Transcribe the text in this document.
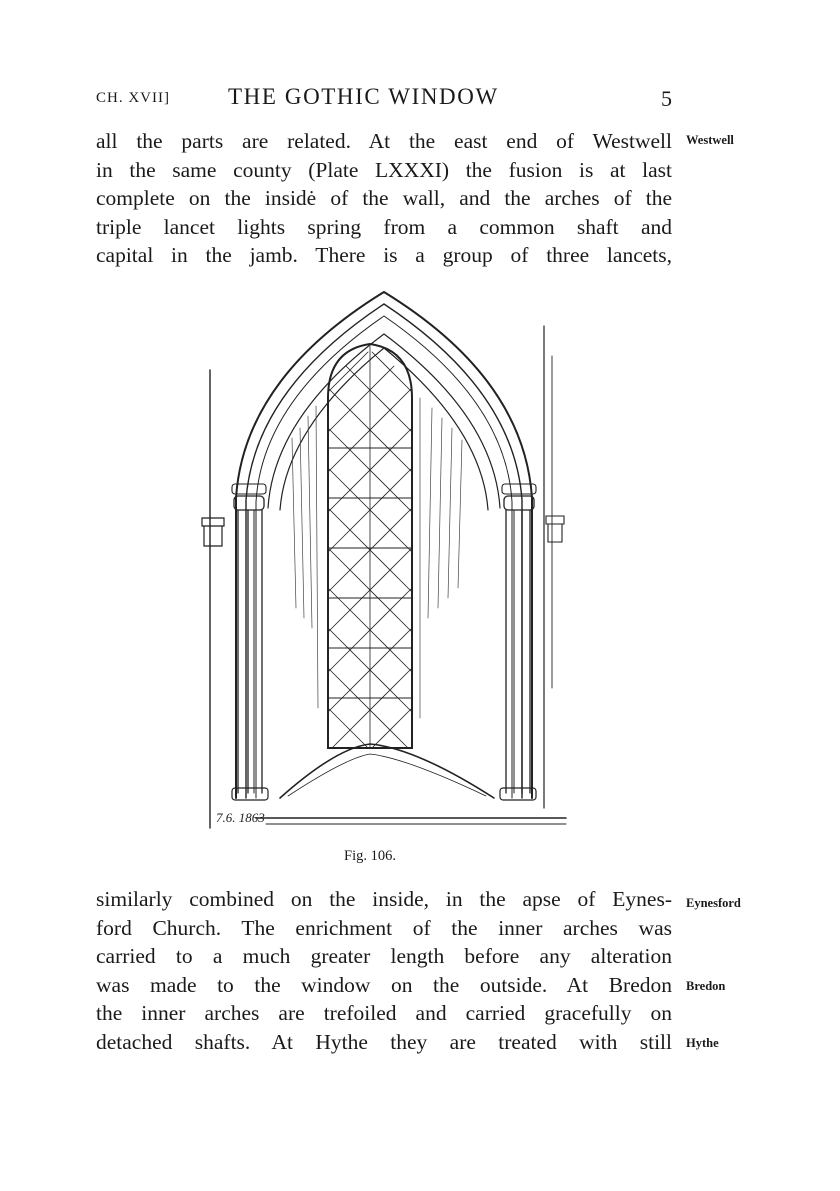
CH. XVII]	THE GOTHIC WINDOW	5
all the parts are related. At the east end of Westwell
in the same county (Plate LXXXI) the fusion is at last
complete on the insidė of the wall, and the arches of the
triple lancet lights spring from a common shaft and
capital in the jamb. There is a group of three lancets,
Westwell
7.6. 1863
Fig. 106.
similarly combined on the inside, in the apse of Eynes-
ford Church. The enrichment of the inner arches was
carried to a much greater length before any alteration
was made to the window on the outside. At Bredon
the inner arches are trefoiled and carried gracefully on
detached shafts. At Hythe they are treated with still
Eynesford
Bredon
Hythe
